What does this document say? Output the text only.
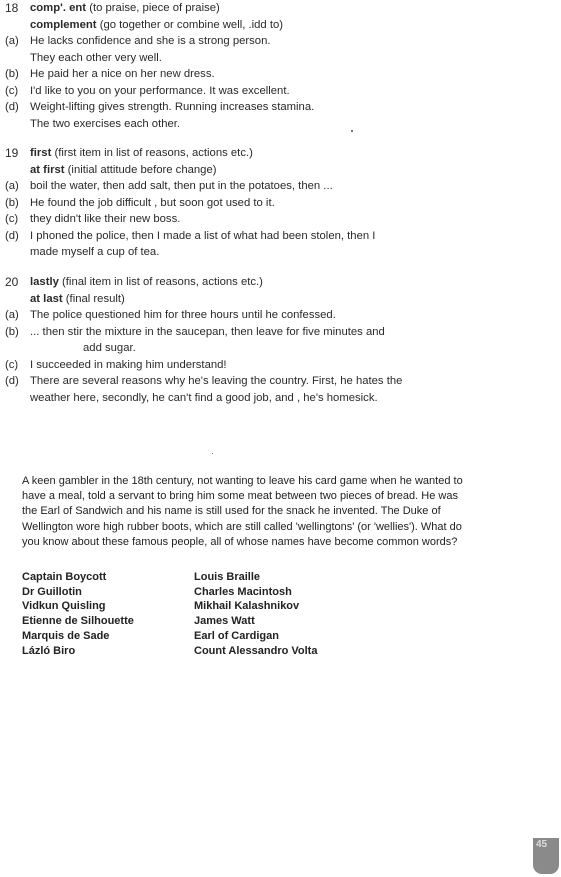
18 comp'. ent (to praise, piece of praise)
complement (go together or combine well, .idd to)
(a) He lacks confidence and she is a strong person.
They each other very well.
(b) He paid her a nice on her new dress.
(c) I'd like to you on your performance. It was excellent.
(d) Weight-lifting gives strength. Running increases stamina.
The two exercises each other.
19 first (first item in list of reasons, actions etc.)
at first (initial attitude before change)
(a) boil the water, then add salt, then put in the potatoes, then ...
(b) He found the job difficult , but soon got used to it.
(c) they didn't like their new boss.
(d) I phoned the police, then I made a list of what had been stolen, then I
made myself a cup of tea.
20 lastly (final item in list of reasons, actions etc.)
at last (final result)
(a) The police questioned him for three hours until he confessed.
(b) ... then stir the mixture in the saucepan, then leave for five minutes and
add sugar.
(c) I succeeded in making him understand!
(d) There are several reasons why he's leaving the country. First, he hates the
weather here, secondly, he can't find a good job, and , he's homesick.

A keen gambler in the 18th century, not wanting to leave his card game when he wanted to have a meal, told a servant to bring him some meat between two pieces of bread. He was the Earl of Sandwich and his name is still used for the snack he invented. The Duke of Wellington wore high rubber boots, which are still called 'wellingtons' (or 'wellies'). What do you know about these famous people, all of whose names have become common words?

Captain Boycott
Dr Guillotin
Vidkun Quisling
Etienne de Silhouette
Marquis de Sade
Lázló Biro
Louis Braille
Charles Macintosh
Mikhail Kalashnikov
James Watt
Earl of Cardigan
Count Alessandro Volta
45
